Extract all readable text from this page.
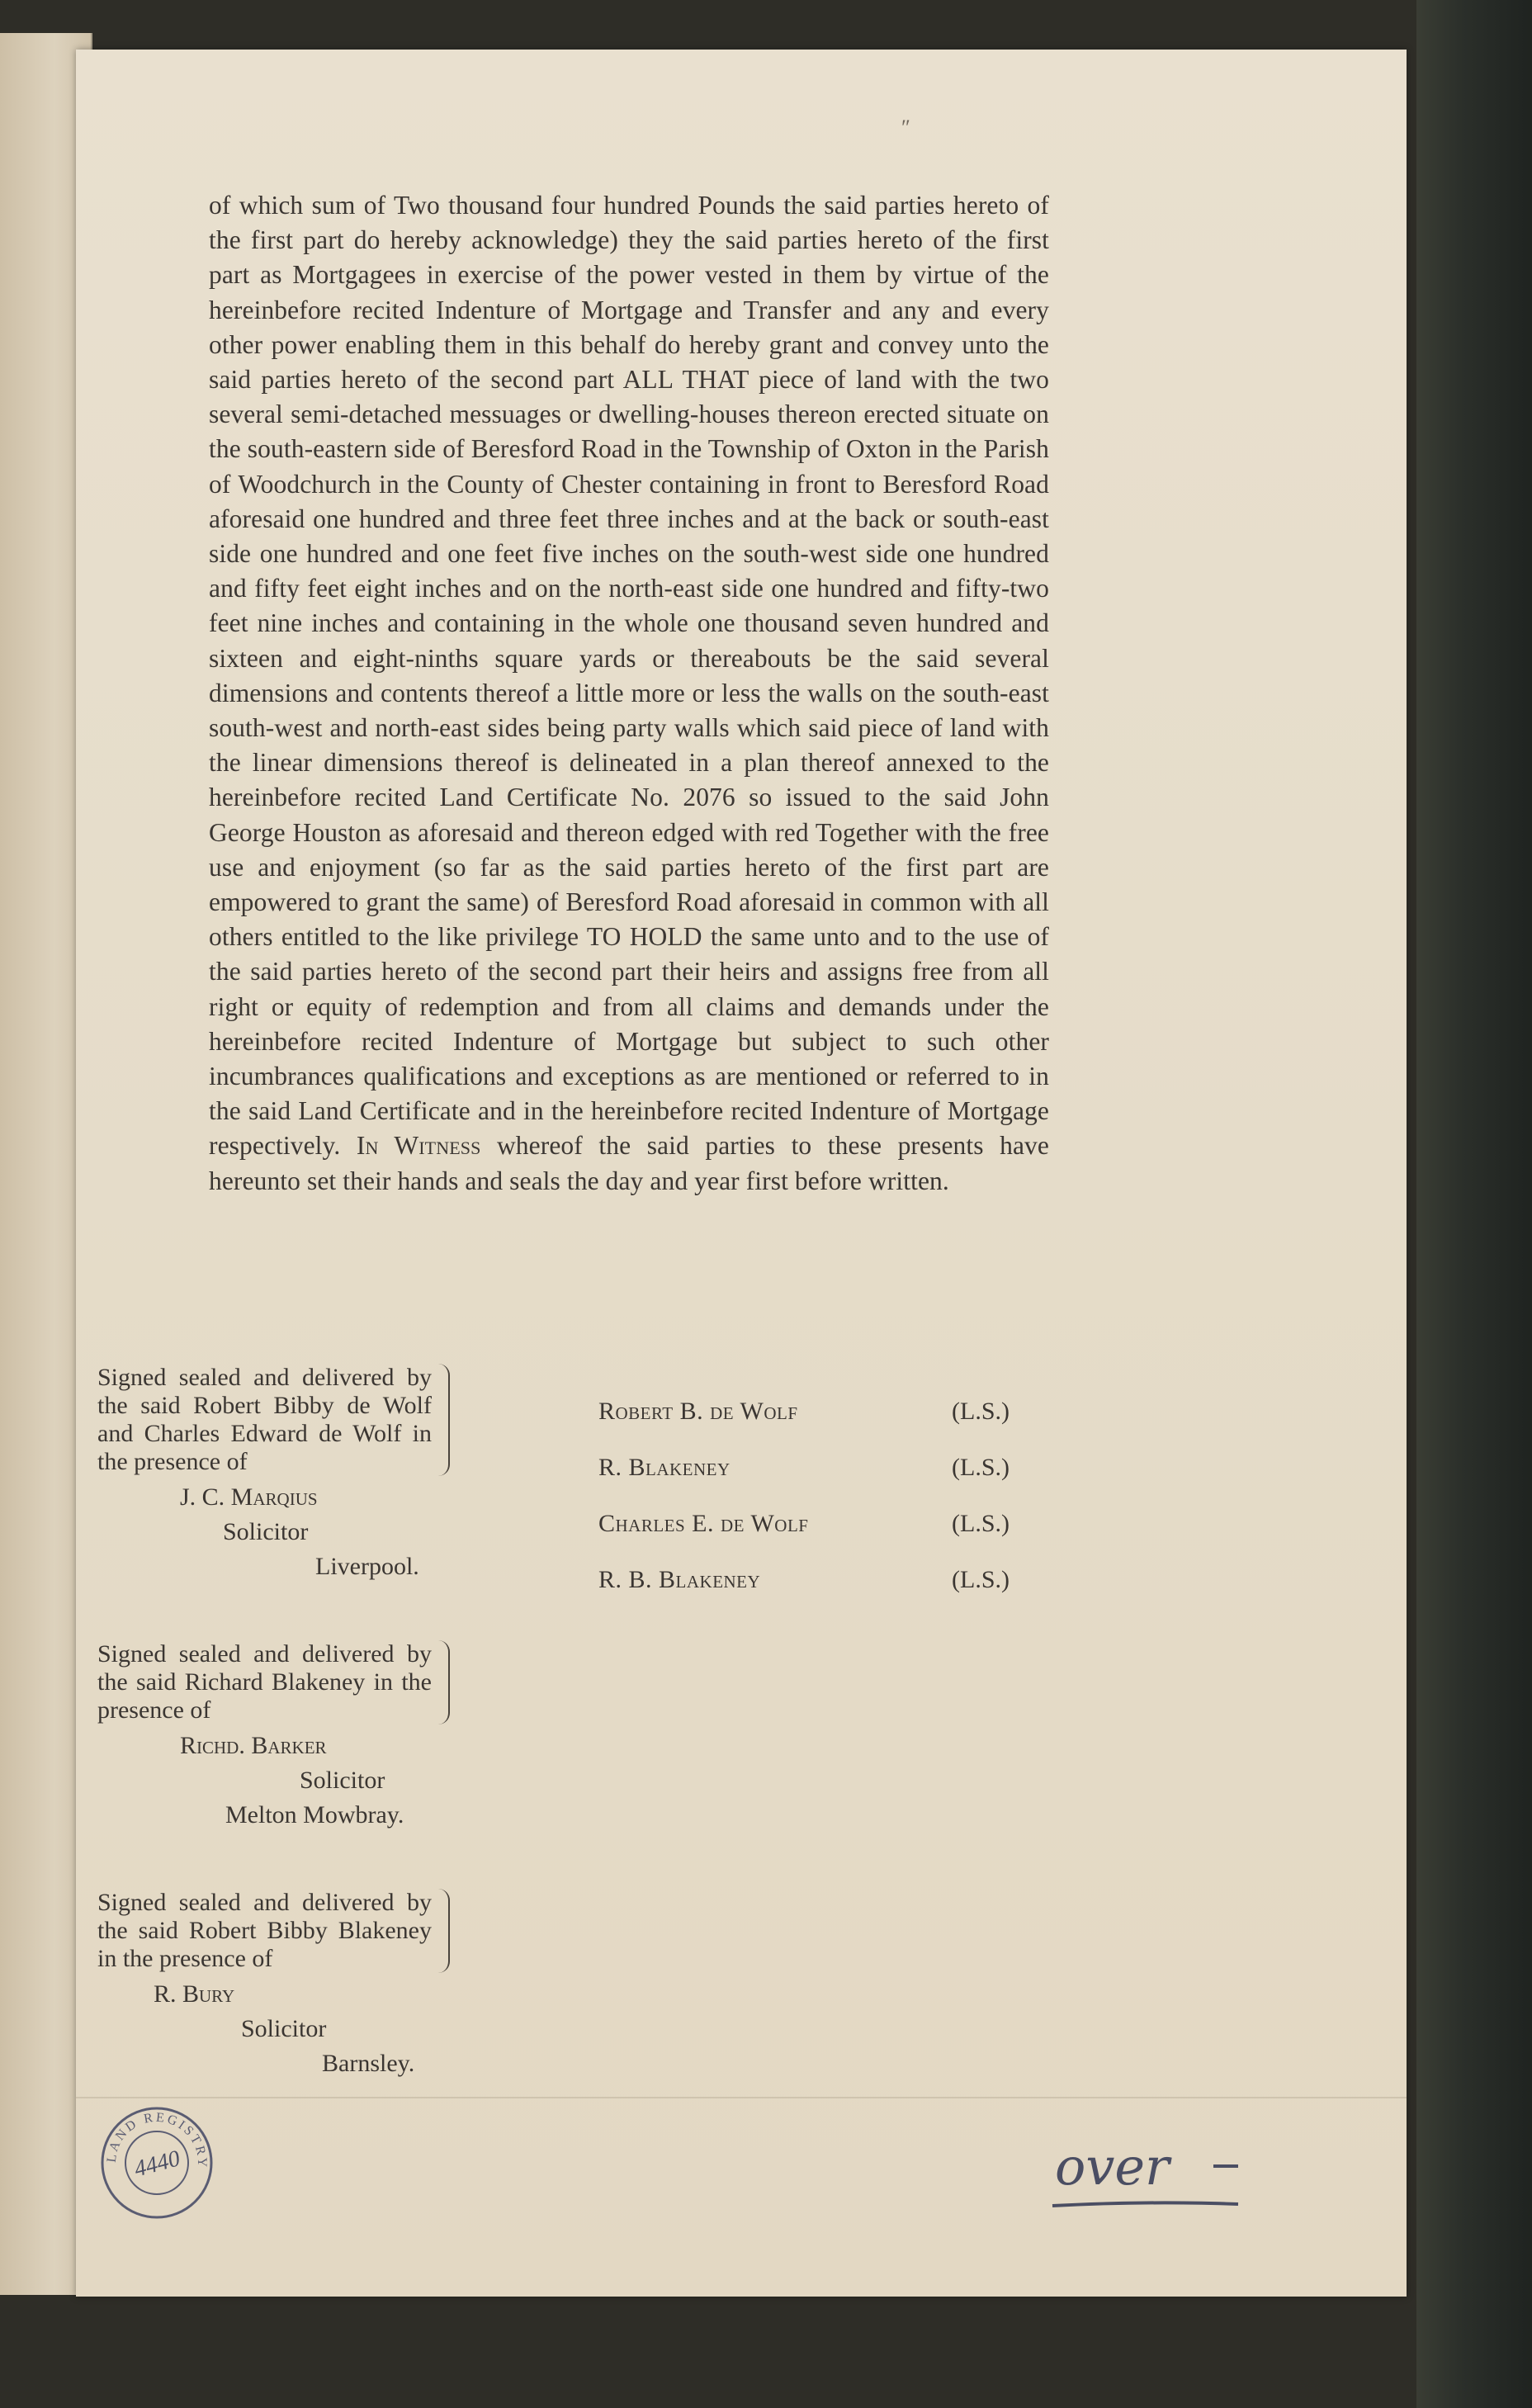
″
of which sum of Two thousand four hundred Pounds the said parties hereto of the first part do hereby acknowledge) they the said parties hereto of the first part as Mortgagees in exercise of the power vested in them by virtue of the hereinbefore recited Indenture of Mortgage and Transfer and any and every other power enabling them in this behalf do hereby grant and convey unto the said parties hereto of the second part ALL THAT piece of land with the two several semi-detached messuages or dwelling-houses thereon erected situate on the south-eastern side of Beresford Road in the Township of Oxton in the Parish of Woodchurch in the County of Chester containing in front to Beresford Road aforesaid one hundred and three feet three inches and at the back or south-east side one hundred and one feet five inches on the south-west side one hundred and fifty feet eight inches and on the north-east side one hundred and fifty-two feet nine inches and containing in the whole one thousand seven hundred and sixteen and eight-ninths square yards or thereabouts be the said several dimensions and contents thereof a little more or less the walls on the south-east south-west and north-east sides being party walls which said piece of land with the linear dimensions thereof is delineated in a plan thereof annexed to the hereinbefore recited Land Certificate No. 2076 so issued to the said John George Houston as aforesaid and thereon edged with red Together with the free use and enjoyment (so far as the said parties hereto of the first part are empowered to grant the same) of Beresford Road aforesaid in common with all others entitled to the like privilege TO HOLD the same unto and to the use of the said parties hereto of the second part their heirs and assigns free from all right or equity of redemption and from all claims and demands under the hereinbefore recited Indenture of Mortgage but subject to such other incumbrances qualifications and exceptions as are mentioned or referred to in the said Land Certificate and in the hereinbefore recited Indenture of Mortgage respectively. In Witness whereof the said parties to these presents have hereunto set their hands and seals the day and year first before written.
Signed sealed and delivered by the said Robert Bibby de Wolf and Charles Edward de Wolf in the presence of
J. C. Marqius
Solicitor
Liverpool.
Signed sealed and delivered by the said Richard Blakeney in the presence of
Richd. Barker
Solicitor
Melton Mowbray.
Signed sealed and delivered by the said Robert Bibby Blakeney in the presence of
R. Bury
Solicitor
Barnsley.
Robert B. de Wolf	(L.S.)
R. Blakeney	(L.S.)
Charles E. de Wolf	(L.S.)
R. B. Blakeney	(L.S.)
LAND REGISTRY
4440	over
